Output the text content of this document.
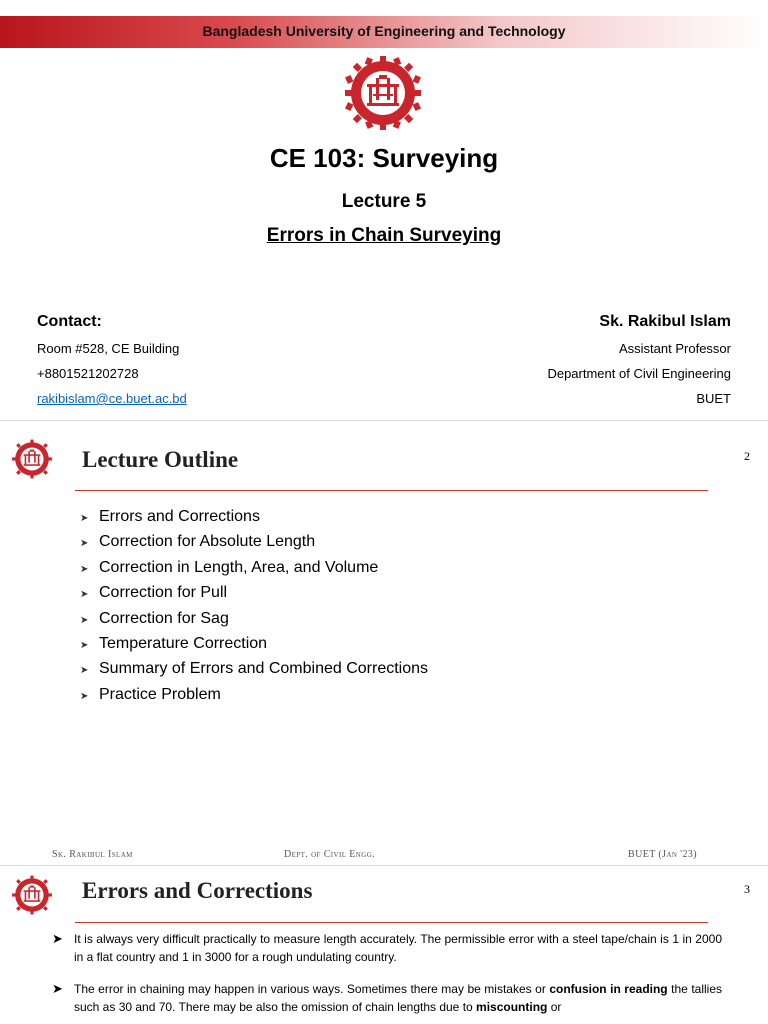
Bangladesh University of Engineering and Technology
CE 103: Surveying
Lecture 5
Errors in Chain Surveying
Contact:
Room #528, CE Building
+8801521202728
rakibislam@ce.buet.ac.bd
Sk. Rakibul Islam
Assistant Professor
Department of Civil Engineering
BUET
Lecture Outline	2
➤ Errors and Corrections
➤ Correction for Absolute Length
➤ Correction in Length, Area, and Volume
➤ Correction for Pull
➤ Correction for Sag
➤ Temperature Correction
➤ Summary of Errors and Combined Corrections
➤ Practice Problem
Sk. Rakibul Islam	Dept. of Civil Engg.	BUET (Jan '23)
Errors and Corrections	3
➤ It is always very difficult practically to measure length accurately. The permissible error with a steel tape/chain is 1 in 2000 in a flat country and 1 in 3000 for a rough undulating country.
➤ The error in chaining may happen in various ways. Sometimes there may be mistakes or confusion in reading the tallies such as 30 and 70. There may be also the omission of chain lengths due to miscounting or
